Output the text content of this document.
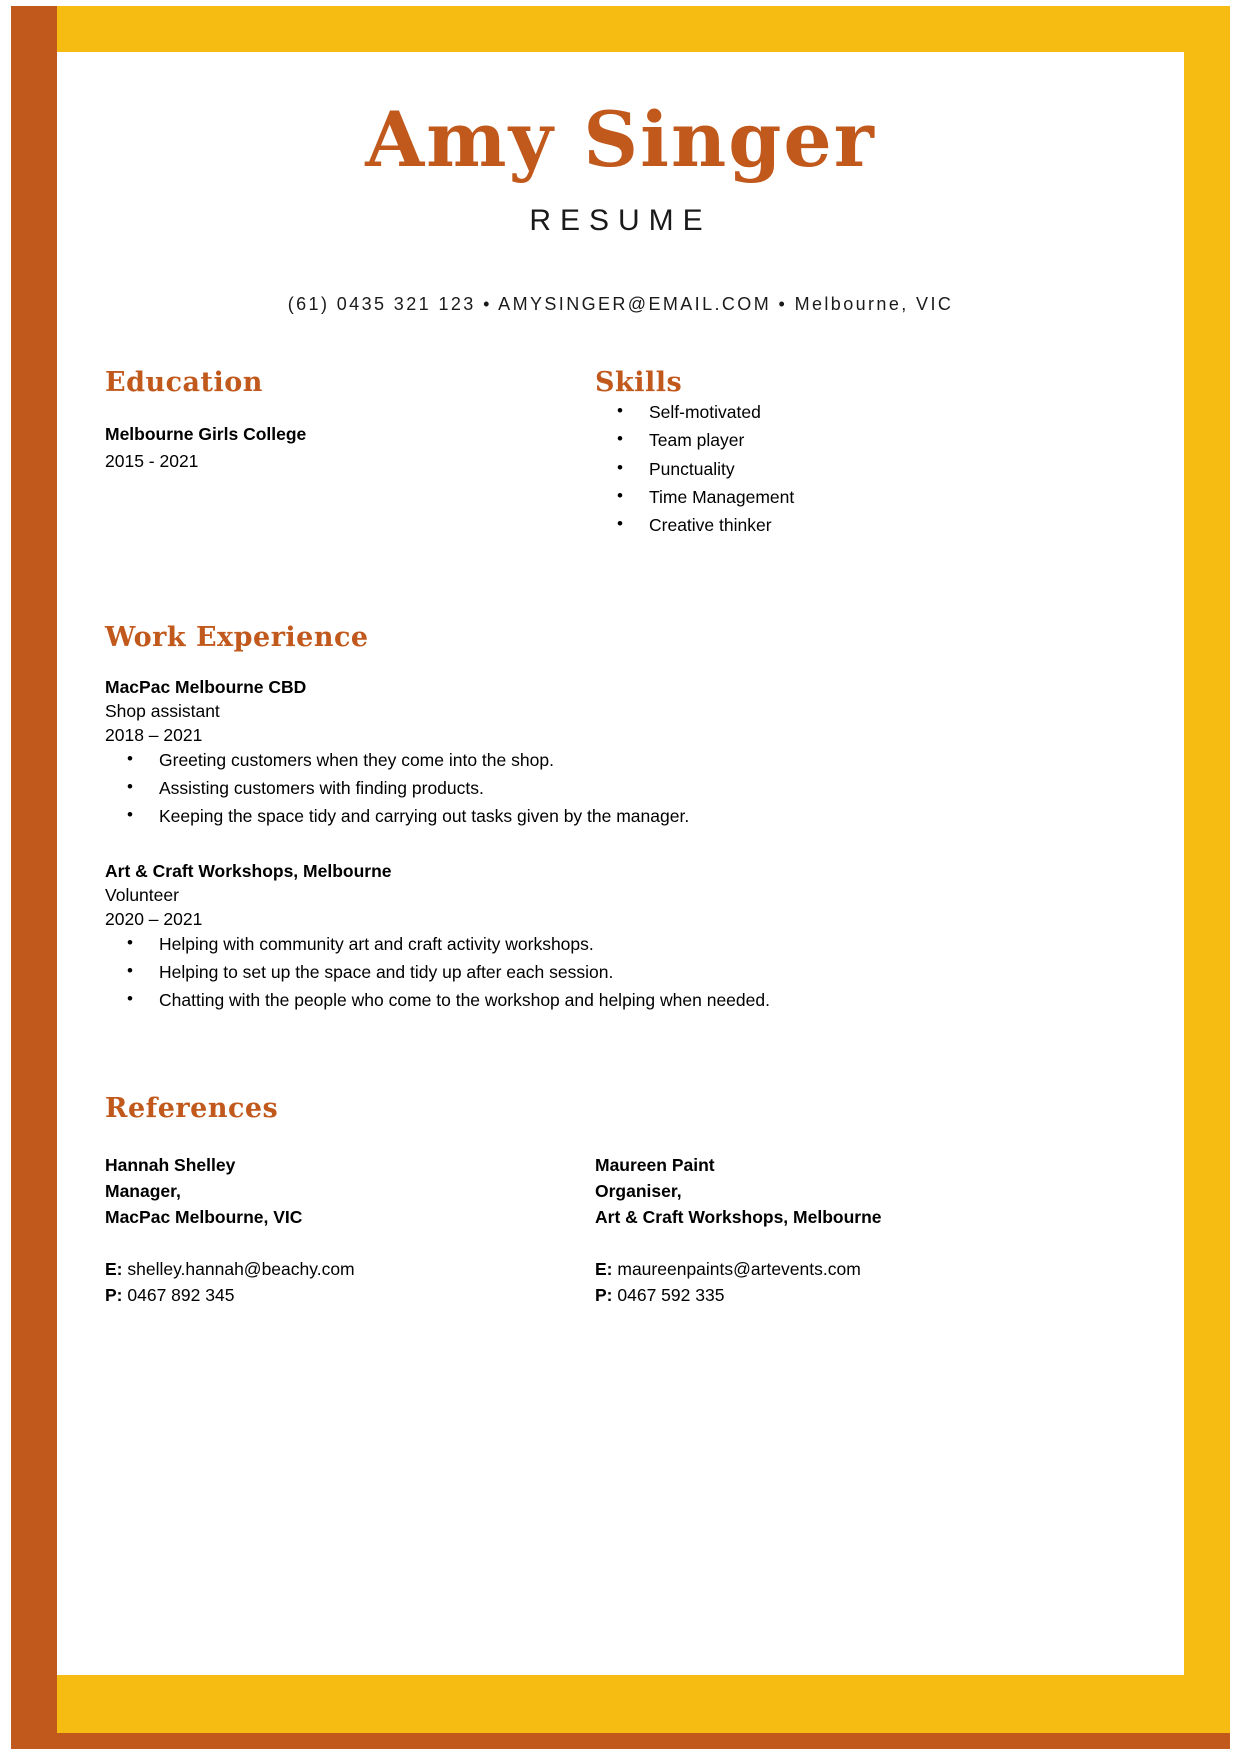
Amy Singer
RESUME
(61) 0435 321 123 • AMYSINGER@EMAIL.COM • Melbourne, VIC
Education
Melbourne Girls College
2015 - 2021
Skills
• Self-motivated
• Team player
• Punctuality
• Time Management
• Creative thinker
Work Experience
MacPac Melbourne CBD
Shop assistant
2018 – 2021
• Greeting customers when they come into the shop.
• Assisting customers with finding products.
• Keeping the space tidy and carrying out tasks given by the manager.
Art & Craft Workshops, Melbourne
Volunteer
2020 – 2021
• Helping with community art and craft activity workshops.
• Helping to set up the space and tidy up after each session.
• Chatting with the people who come to the workshop and helping when needed.
References
Hannah Shelley
Manager,
MacPac Melbourne, VIC
E: shelley.hannah@beachy.com
P: 0467 892 345
Maureen Paint
Organiser,
Art & Craft Workshops, Melbourne
E: maureenpaints@artevents.com
P: 0467 592 335
